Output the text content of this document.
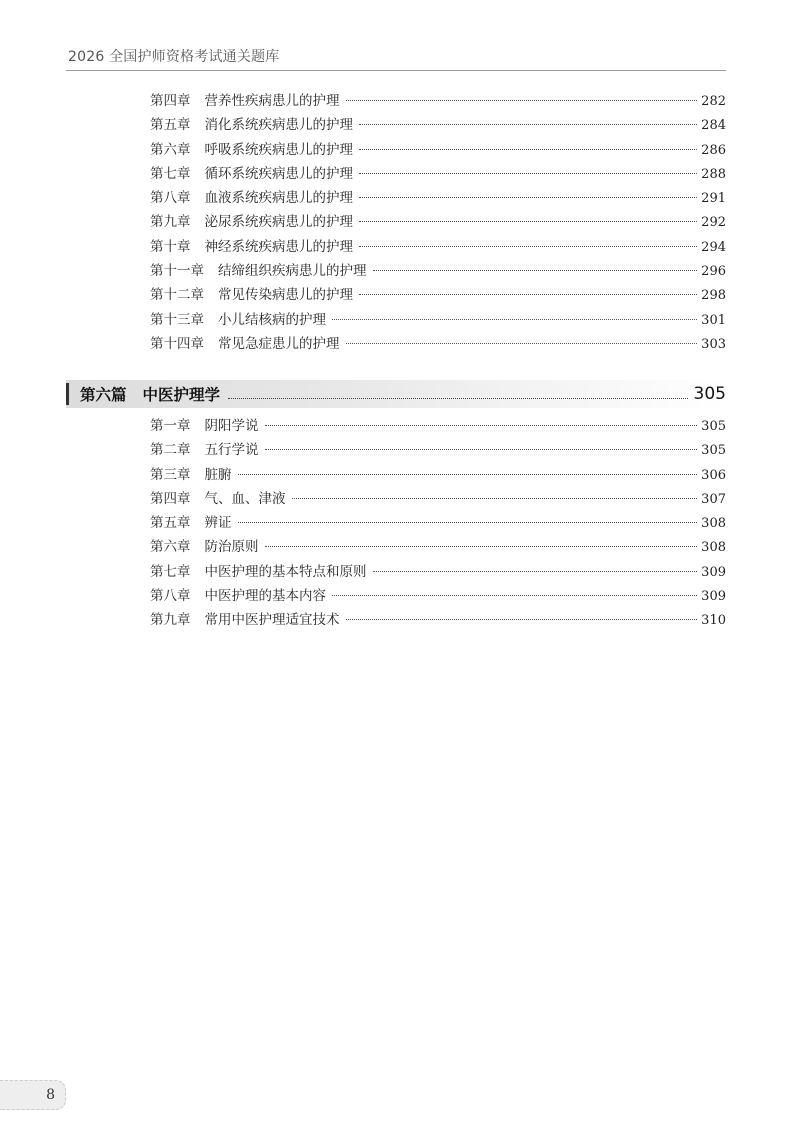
2026 全国护师资格考试通关题库
第四章 营养性疾病患儿的护理	282
第五章 消化系统疾病患儿的护理	284
第六章 呼吸系统疾病患儿的护理	286
第七章 循环系统疾病患儿的护理	288
第八章 血液系统疾病患儿的护理	291
第九章 泌尿系统疾病患儿的护理	292
第十章 神经系统疾病患儿的护理	294
第十一章 结缔组织疾病患儿的护理	296
第十二章 常见传染病患儿的护理	298
第十三章 小儿结核病的护理	301
第十四章 常见急症患儿的护理	303
第六篇 中医护理学	305
第一章 阴阳学说	305
第二章 五行学说	305
第三章 脏腑	306
第四章 气、血、津液	307
第五章 辨证	308
第六章 防治原则	308
第七章 中医护理的基本特点和原则	309
第八章 中医护理的基本内容	309
第九章 常用中医护理适宜技术	310
8
